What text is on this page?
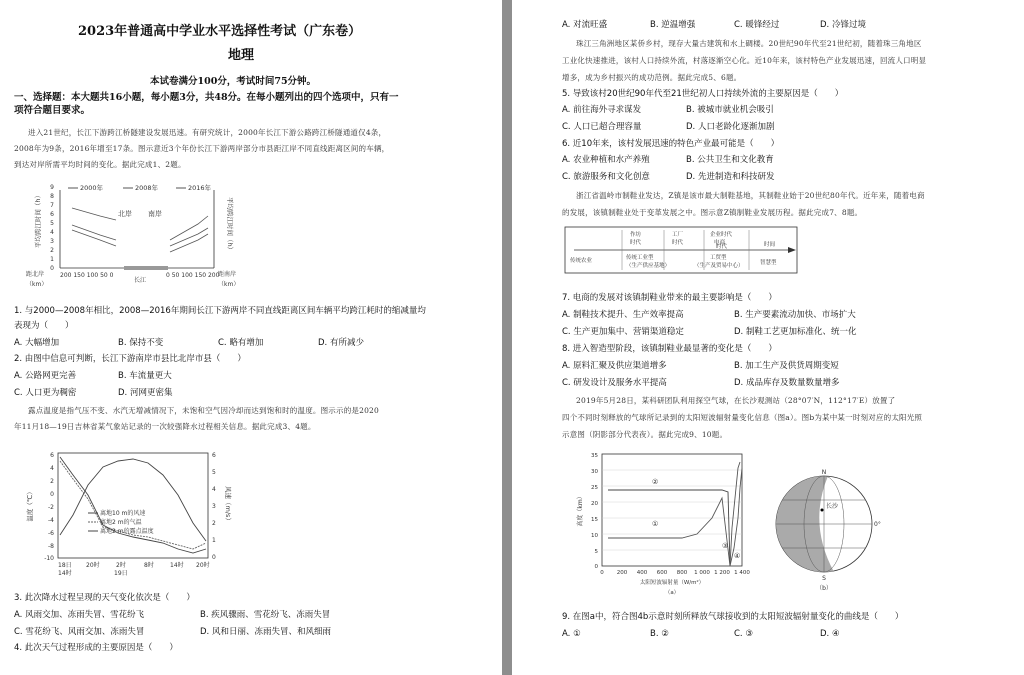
2023年普通高中学业水平选择性考试（广东卷）
地理
本试卷满分100分，考试时间75分钟。
一、选择题：本大题共16小题，每小题3分，共48分。在每小题列出的四个选项中，只有一
项符合题目要求。
进入21世纪，长江下游跨江桥隧建设发展迅速。有研究统计，2000年长江下游公路跨江桥隧通道仅4条，
2008年为9条，2016年增至17条。图示意近3个年份长江下游两岸部分市县距江岸不同直线距离区间的车辆，
到达对岸所需平均时间的变化。据此完成1、2题。
0
1
2
3
4
5
6
7
8
9
平均跨江时间（h）	平均跨江时间（h）
2000年	2008年	2016年
北岸 南岸
距北岸
（km）
200 150 100 50 0	0 50 100 150 200
长江
距南岸
（km）
1. 与2000—2008年相比，2008—2016年期间长江下游两岸不同直线距离区间车辆平均跨江耗时的缩减量均
表现为（　　）
A. 大幅增加	B. 保持不变	C. 略有增加	D. 有所减少
2. 由图中信息可判断，长江下游南岸市县比北岸市县（　　）
A. 公路网更完善	B. 车流量更大
C. 人口更为稠密	D. 河网更密集
露点温度是指气压不变、水汽无增减情况下，未饱和空气因冷却而达到饱和时的温度。图示示的是2020
年11月18—19日吉林省某气象站记录的一次较强降水过程相关信息。据此完成3、4题。
6
4
2
0
-2
-4
-6
-8
-10
6
5
4
3
2
1
0
温度（℃）	风速（m/s）
离地10 m的风速
离地2 m的气温
离地2 m的露点温度
18日
14时
20时	2时
19日
8时	14时 20时
3. 此次降水过程呈现的天气变化依次是（　　）
A. 风雨交加、冻雨失冒、雪花纷飞	B. 疾风骤雨、雪花纷飞、冻雨失冒
C. 雪花纷飞、风雨交加、冻雨失冒	D. 风和日丽、冻雨失冒、和风细雨
4. 此次天气过程形成的主要原因是（　　）
A. 对流旺盛	B. 逆温增强	C. 暖锋经过	D. 冷锋过境
珠江三角洲地区某侨乡村，现存大量古建筑和水上碉楼。20世纪90年代至21世纪初，随着珠三角地区
工业化快速推进，该村人口持续外流，村落逐渐空心化。近10年来，该村特色产业发展迅速，回流人口明显
增多，成为乡村振兴的成功范例。据此完成5、6题。
5. 导致该村20世纪90年代至21世纪初人口持续外流的主要原因是（　　）
A. 前往海外寻求谋发	B. 被城市就业机会吸引
C. 人口已超合理容量	D. 人口老龄化逐渐加剧
6. 近10年来，该村发展迅速的特色产业最可能是（　　）
A. 农业种植和水产养殖	B. 公共卫生和文化教育
C. 旅游服务和文化创意	D. 先进制造和科技研发
浙江省温岭市制鞋业发达，Z镇是该市最大制鞋基地，其制鞋业始于20世纪80年代。近年来，随着电商
的发展，该镇制鞋业处于变革发展之中。图示意Z镇制鞋业发展历程。据此完成7、8题。
作坊
时代
工厂
时代
企业时代
电商
时代	时间
传统农业	传统工业型
（生产供应基地）
工贸型
（生产及贸易中心）	智慧型
7. 电商的发展对该镇制鞋业带来的最主要影响是（　　）
A. 制鞋技术提升、生产效率提高	B. 生产要素流动加快、市场扩大
C. 生产更加集中、营销渠道稳定	D. 制鞋工艺更加标准化、统一化
8. 进入智造型阶段，该镇制鞋业最显著的变化是（　　）
A. 原料汇聚及供应渠道增多	B. 加工生产及供货周期变短
C. 研发设计及服务水平提高	D. 成品库存及数量数量增多
2019年5月28日，某科研团队利用探空气球，在长沙观测站（28°07′N，112°17′E）放置了
四个不同时刻释放的气球所记录到的太阳短波辐射量变化信息（图a）。图b为某中某一时刻对应的太阳光照
示意图（阴影部分代表夜）。据此完成9、10题。
35
30
25
20
15
10
5
0
0 200 400 600 800 1 000 1 200 1 400
太阳短波辐射量（W/m²）
（a）
高度（km）	①
②
③
④
N
S
长沙
0°
（b）
9. 在图a中，符合图4b示意时刻所释放气球接收到的太阳短波辐射量变化的曲线是（　　）
A. ①	B. ②	C. ③	D. ④
